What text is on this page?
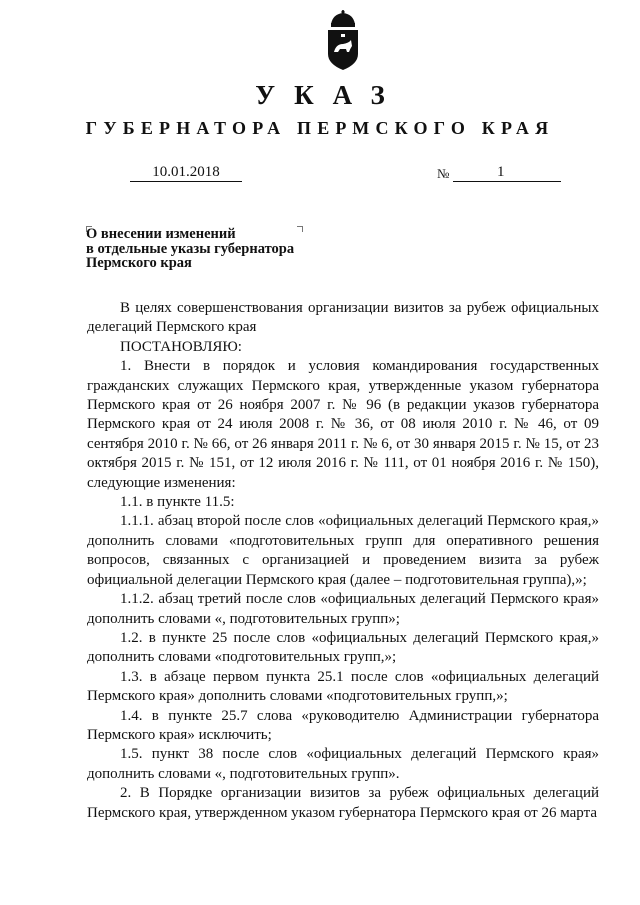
УКАЗ
ГУБЕРНАТОРА ПЕРМСКОГО КРАЯ
10.01.2018	№	1
О внесении изменений
в отдельные указы губернатора
Пермского края

В целях совершенствования организации визитов за рубеж официальных делегаций Пермского края

ПОСТАНОВЛЯЮ:

1. Внести в порядок и условия командирования государственных гражданских служащих Пермского края, утвержденные указом губернатора Пермского края от 26 ноября 2007 г. № 96 (в редакции указов губернатора Пермского края от 24 июля 2008 г. № 36, от 08 июля 2010 г. № 46, от 09 сентября 2010 г. № 66, от 26 января 2011 г. № 6, от 30 января 2015 г. № 15, от 23 октября 2015 г. № 151, от 12 июля 2016 г. № 111, от 01 ноября 2016 г. № 150), следующие изменения:

1.1. в пункте 11.5:

1.1.1. абзац второй после слов «официальных делегаций Пермского края,» дополнить словами «подготовительных групп для оперативного решения вопросов, связанных с организацией и проведением визита за рубеж официальной делегации Пермского края (далее – подготовительная группа),»;

1.1.2. абзац третий после слов «официальных делегаций Пермского края» дополнить словами «, подготовительных групп»;

1.2. в пункте 25 после слов «официальных делегаций Пермского края,» дополнить словами «подготовительных групп,»;

1.3. в абзаце первом пункта 25.1 после слов «официальных делегаций Пермского края» дополнить словами «подготовительных групп,»;

1.4. в пункте 25.7 слова «руководителю Администрации губернатора Пермского края» исключить;

1.5. пункт 38 после слов «официальных делегаций Пермского края» дополнить словами «, подготовительных групп».

2. В Порядке организации визитов за рубеж официальных делегаций Пермского края, утвержденном указом губернатора Пермского края от 26 марта
